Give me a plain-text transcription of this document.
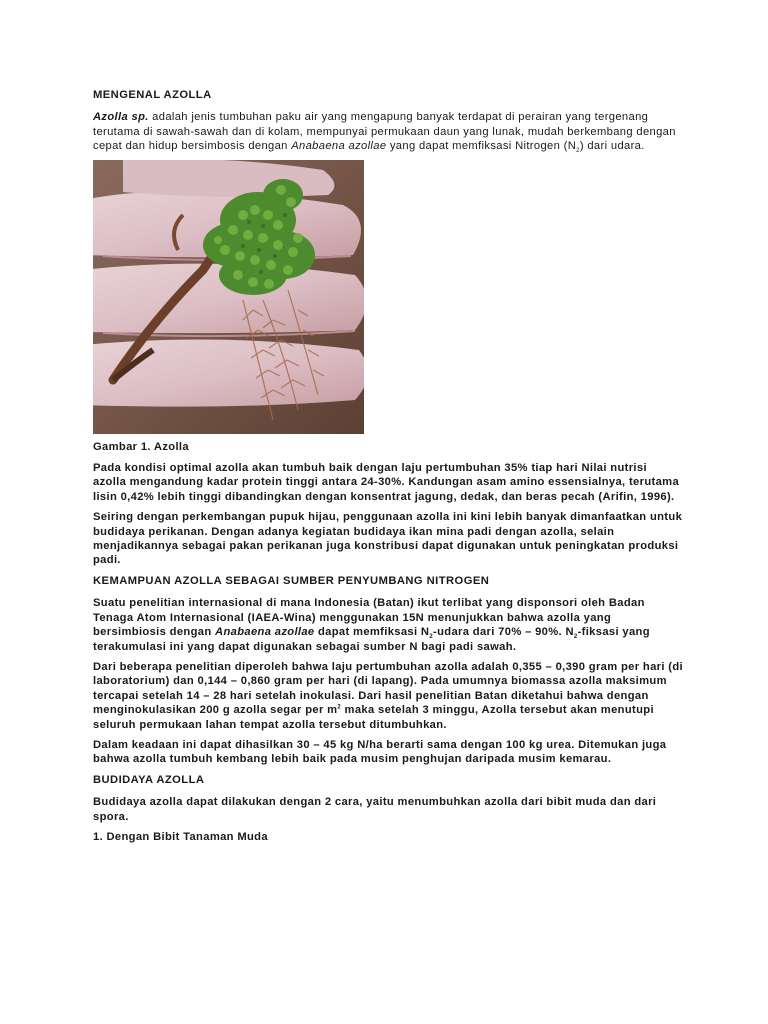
MENGENAL AZOLLA

Azolla sp. adalah jenis tumbuhan paku air yang mengapung banyak terdapat di perairan yang tergenang terutama di sawah-sawah dan di kolam, mempunyai permukaan daun yang lunak, mudah berkembang dengan cepat dan hidup bersimbosis dengan Anabaena azollae yang dapat memfiksasi Nitrogen $(N_2)$ dari udara.

Gambar 1. Azolla

Pada kondisi optimal azolla akan tumbuh baik dengan laju pertumbuhan 35% tiap hari Nilai nutrisi azolla mengandung kadar protein tinggi antara 24-30%. Kandungan asam amino essensialnya, terutama lisin 0,42% lebih tinggi dibandingkan dengan konsentrat jagung, dedak, dan beras pecah (Arifin, 1996).

Seiring dengan perkembangan pupuk hijau, penggunaan azolla ini kini lebih banyak dimanfaatkan untuk budidaya perikanan. Dengan adanya kegiatan budidaya ikan mina padi dengan azolla, selain menjadikannya sebagai pakan perikanan juga konstribusi dapat digunakan untuk peningkatan produksi padi.

KEMAMPUAN AZOLLA SEBAGAI SUMBER PENYUMBANG NITROGEN

Suatu penelitian internasional di mana Indonesia (Batan) ikut terlibat yang disponsori oleh Badan Tenaga Atom Internasional (IAEA-Wina) menggunakan 15N menunjukkan bahwa azolla yang bersimbiosis dengan Anabaena azollae dapat memfiksasi $N_2$-udara dari 70% – 90%. $N_2$-fiksasi yang terakumulasi ini yang dapat digunakan sebagai sumber N bagi padi sawah.

Dari beberapa penelitian diperoleh bahwa laju pertumbuhan azolla adalah 0,355 – 0,390 gram per hari (di laboratorium) dan 0,144 – 0,860 gram per hari (di lapang). Pada umumnya biomassa azolla maksimum tercapai setelah 14 – 28 hari setelah inokulasi. Dari hasil penelitian Batan diketahui bahwa dengan menginokulasikan 200 g azolla segar per $m^2$ maka setelah 3 minggu, Azolla tersebut akan menutupi seluruh permukaan lahan tempat azolla tersebut ditumbuhkan.

Dalam keadaan ini dapat dihasilkan 30 – 45 kg N/ha berarti sama dengan 100 kg urea. Ditemukan juga bahwa azolla tumbuh kembang lebih baik pada musim penghujan daripada musim kemarau.

BUDIDAYA AZOLLA

Budidaya azolla dapat dilakukan dengan 2 cara, yaitu menumbuhkan azolla dari bibit muda dan dari spora.

1. Dengan Bibit Tanaman Muda
